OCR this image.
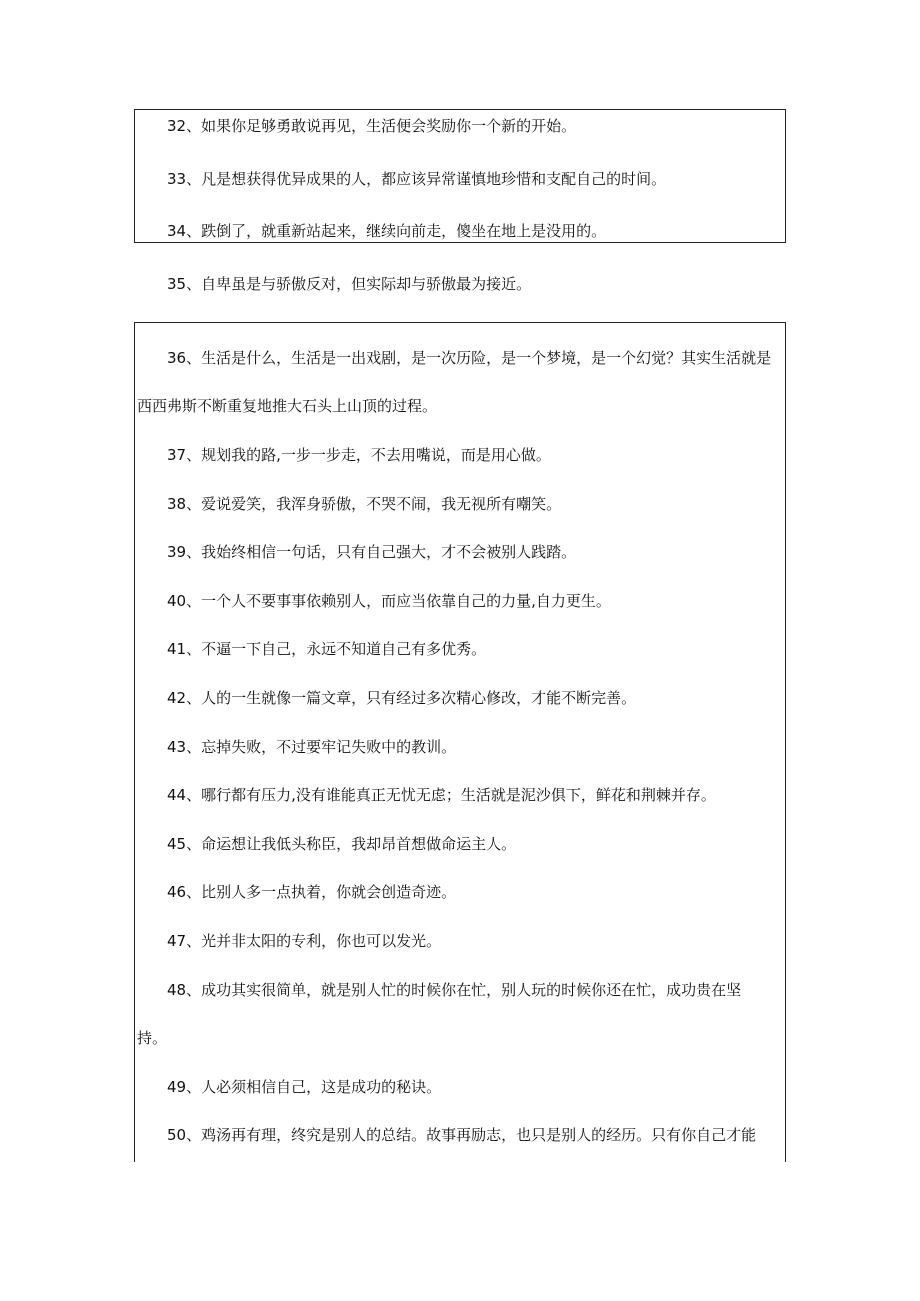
32、如果你足够勇敢说再见，生活便会奖励你一个新的开始。
33、凡是想获得优异成果的人，都应该异常谨慎地珍惜和支配自己的时间。
34、跌倒了，就重新站起来，继续向前走，傻坐在地上是没用的。
35、自卑虽是与骄傲反对，但实际却与骄傲最为接近。
36、生活是什么，生活是一出戏剧，是一次历险，是一个梦境，是一个幻觉？其实生活就是
西西弗斯不断重复地推大石头上山顶的过程。
37、规划我的路,一步一步走，不去用嘴说，而是用心做。
38、爱说爱笑，我浑身骄傲，不哭不闹，我无视所有嘲笑。
39、我始终相信一句话，只有自己强大，才不会被别人践踏。
40、一个人不要事事依赖别人，而应当依靠自己的力量,自力更生。
41、不逼一下自己，永远不知道自己有多优秀。
42、人的一生就像一篇文章，只有经过多次精心修改，才能不断完善。
43、忘掉失败，不过要牢记失败中的教训。
44、哪行都有压力,没有谁能真正无忧无虑；生活就是泥沙俱下，鲜花和荆棘并存。
45、命运想让我低头称臣，我却昂首想做命运主人。
46、比别人多一点执着，你就会创造奇迹。
47、光并非太阳的专利，你也可以发光。
48、成功其实很简单，就是别人忙的时候你在忙，别人玩的时候你还在忙，成功贵在坚
持。
49、人必须相信自己，这是成功的秘诀。
50、鸡汤再有理，终究是别人的总结。故事再励志，也只是别人的经历。只有你自己才能
